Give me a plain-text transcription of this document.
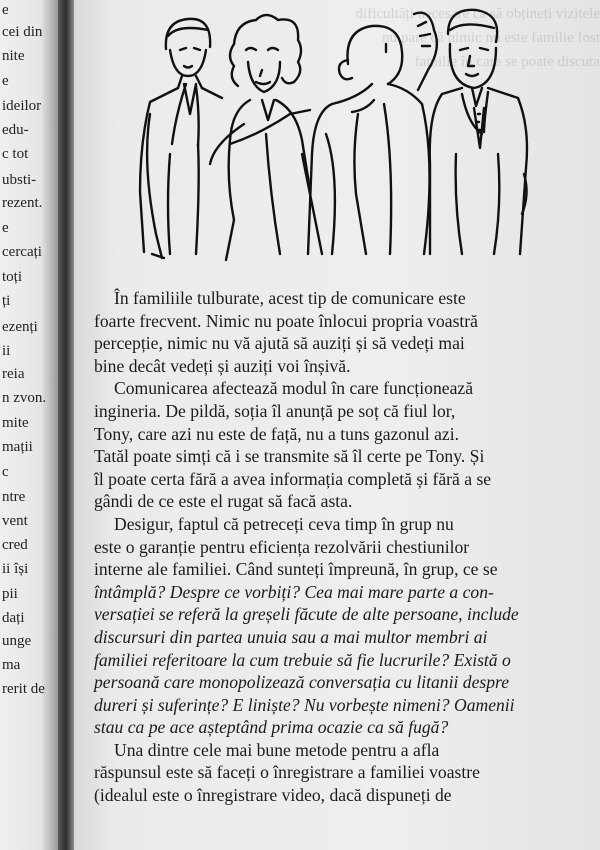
e
cei din
nite
e
ideilor
edu-
c tot
ubsti-
rezent.
e
cercați
toți
ți
ezenți
ii
reia
n zvon.
mite
mații
c
ntre
vent
cred
ii își
pii
dați
unge
ma
rerit de
dificultăți necesare ca să obțineți vizitele
nu pare că nimic nu este familie fost
familie în care se poate discuta
În familiile tulburate, acest tip de comunicare este
foarte frecvent. Nimic nu poate înlocui propria voastră
percepție, nimic nu vă ajută să auziți și să vedeți mai
bine decât vedeți și auziți voi înșivă.
Comunicarea afectează modul în care funcționează
ingineria. De pildă, soția îl anunță pe soț că fiul lor,
Tony, care azi nu este de față, nu a tuns gazonul azi.
Tatăl poate simți că i se transmite să îl certe pe Tony. Și
îl poate certa fără a avea informația completă și fără a se
gândi de ce este el rugat să facă asta.
Desigur, faptul că petreceți ceva timp în grup nu
este o garanție pentru eficiența rezolvării chestiunilor
interne ale familiei. Când sunteți împreună, în grup, ce se
întâmplă? Despre ce vorbiți? Cea mai mare parte a con-
versației se referă la greșeli făcute de alte persoane, include
discursuri din partea unuia sau a mai multor membri ai
familiei referitoare la cum trebuie să fie lucrurile? Există o
persoană care monopolizează conversația cu litanii despre
dureri și suferințe? E liniște? Nu vorbește nimeni? Oamenii
stau ca pe ace așteptând prima ocazie ca să fugă?
Una dintre cele mai bune metode pentru a afla
răspunsul este să faceți o înregistrare a familiei voastre
(idealul este o înregistrare video, dacă dispuneți de
